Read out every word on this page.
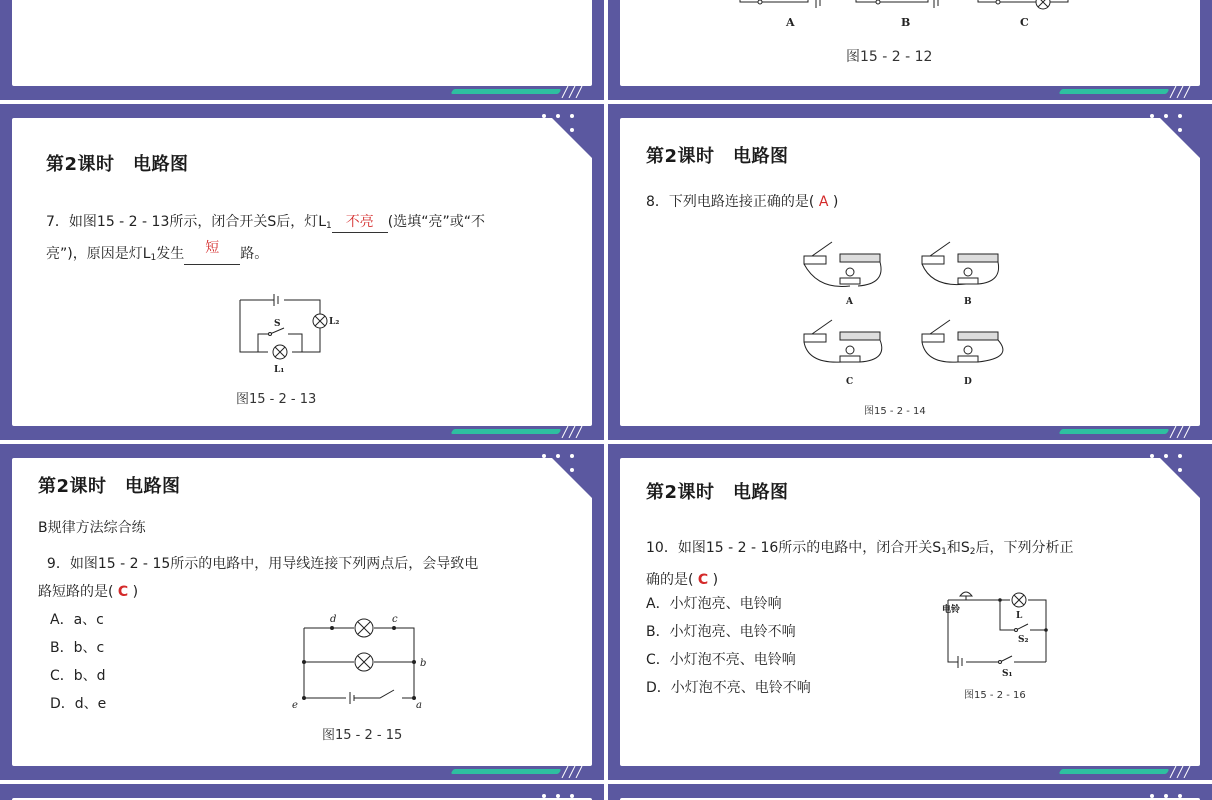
A	B	C
图15 - 2 - 12
第2课时　电路图
7．如图15 - 2 - 13所示，闭合开关S后，灯$L_1$ 不亮 (选填“亮”或“不
亮”)，原因是灯$L_1$发生 短 路。
S	L₂
L₁
图15 - 2 - 13
第2课时　电路图
8．下列电路连接正确的是( A )
A	B
C	D
图15 - 2 - 14
第2课时　电路图
B规律方法综合练
9．如图15 - 2 - 15所示的电路中，用导线连接下列两点后，会导致电
路短路的是( C )
A．a、c
B．b、c
C．b、d
D．d、e
d	c
b
e	a
图15 - 2 - 15
第2课时　电路图
10．如图15 - 2 - 16所示的电路中，闭合开关$S_1$和$S_2$后，下列分析正
确的是( C )
A．小灯泡亮、电铃响
B．小灯泡亮、电铃不响
C．小灯泡不亮、电铃响
D．小灯泡不亮、电铃不响
电铃
L
S₂
S₁
图15 - 2 - 16
